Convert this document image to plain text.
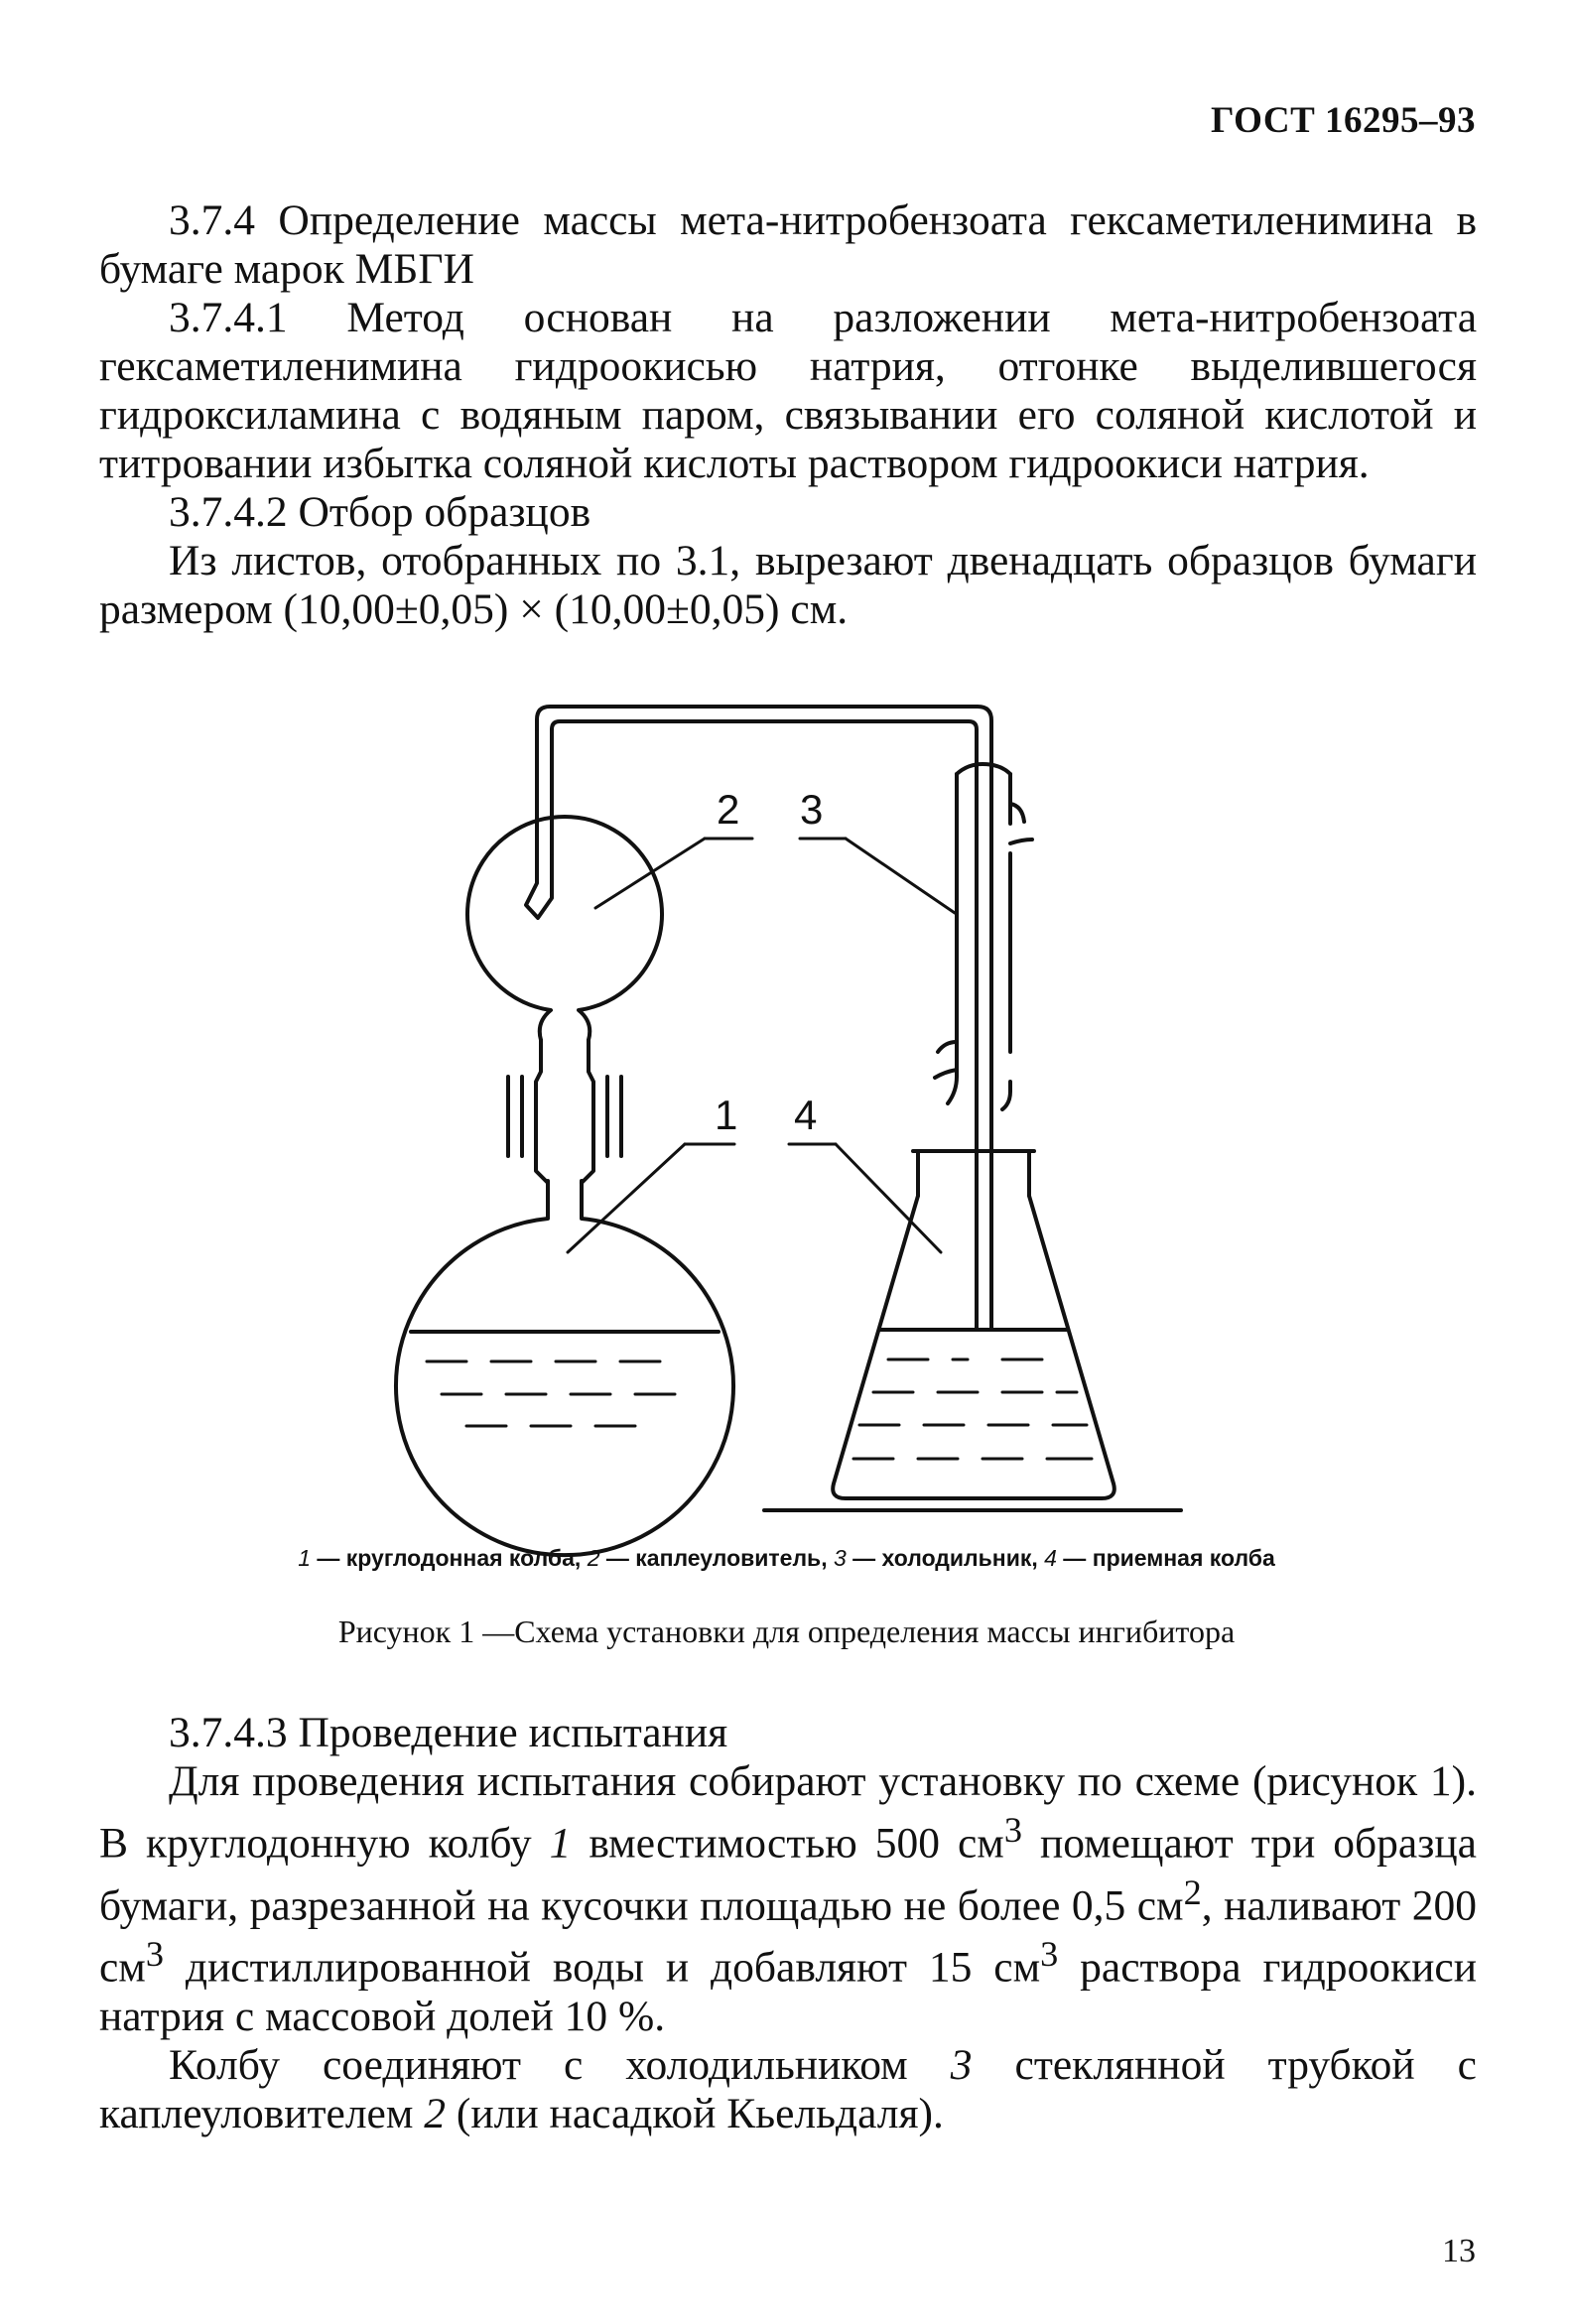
ГОСТ 16295–93

3.7.4 Определение массы мета-нитробензоата гексаметиленимина в бумаге марок МБГИ

3.7.4.1 Метод основан на разложении мета-нитробензоата гексаметиленимина гидроокисью натрия, отгонке выделившегося гидроксиламина с водяным паром, связывании его соляной кислотой и титровании избытка соляной кислоты раствором гидроокиси натрия.

3.7.4.2 Отбор образцов

Из листов, отобранных по 3.1, вырезают двенадцать образцов бумаги размером (10,00±0,05) × (10,00±0,05) см.

2 3
1 4
1 — круглодонная колба, 2 — каплеуловитель, 3 — холодильник, 4 — приемная колба
Рисунок 1 —Схема установки для определения массы ингибитора

3.7.4.3 Проведение испытания

Для проведения испытания собирают установку по схеме (рисунок 1). В круглодонную колбу 1 вместимостью 500 $см^3$ помещают три образца бумаги, разрезанной на кусочки площадью не более 0,5 $см^2$, наливают 200 $см^3$ дистиллированной воды и добавляют 15 $см^3$ раствора гидроокиси натрия с массовой долей 10 %.

Колбу соединяют с холодильником 3 стеклянной трубкой с каплеуловителем 2 (или насадкой Кьельдаля).

13
